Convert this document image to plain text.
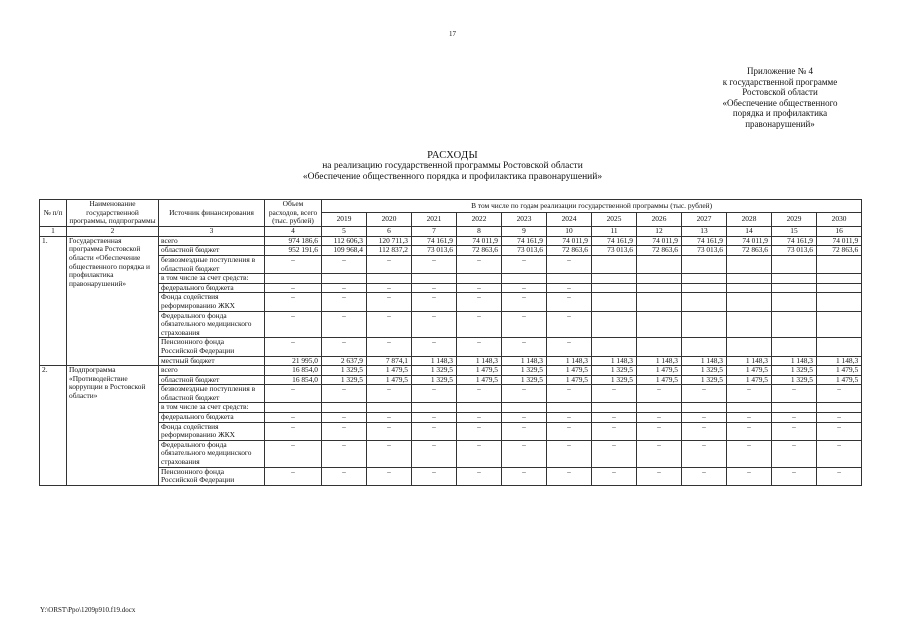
17
Приложение № 4
к государственной программе
Ростовской области
«Обеспечение общественного
порядка и профилактика
правонарушений»
РАСХОДЫ
на реализацию государственной программы Ростовской области
«Обеспечение общественного порядка и профилактика правонарушений»
№ п/п	Наименование государственной программы, подпрограммы	Источник финансирования	Объем расходов, всего (тыс. рублей)	В том числе по годам реализации государственной программы (тыс. рублей)											
				2019	2020	2021	2022	2023	2024	2025	2026	2027	2028	2029	2030
1	2	3	4	5	6	7	8	9	10	11	12	13	14	15	16
1.	Государственная программа Ростовской области «Обеспечение общественного порядка и профилактика правонарушений»	всего	974 186,6	112 606,3	120 711,3	74 161,9	74 011,9	74 161,9	74 011,9	74 161,9	74 011,9	74 161,9	74 011,9	74 161,9	74 011,9
		областной бюджет	952 191,6	109 968,4	112 837,2	73 013,6	72 863,6	73 013,6	72 863,6	73 013,6	72 863,6	73 013,6	72 863,6	73 013,6	72 863,6
		безвозмездные поступления в областной бюджет	–	–	–	–	–	–	–						
		в том числе за счет средств:													
		федерального бюджета	–	–	–	–	–	–	–						
		Фонда содействия реформированию ЖКХ	–	–	–	–	–	–	–						
		Федерального фонда обязательного медицинского страхования	–	–	–	–	–	–	–						
		Пенсионного фонда Российской Федерации	–	–	–	–	–	–	–						
		местный бюджет	21 995,0	2 637,9	7 874,1	1 148,3	1 148,3	1 148,3	1 148,3	1 148,3	1 148,3	1 148,3	1 148,3	1 148,3	1 148,3
2.	Подпрограмма «Противодействие коррупции в Ростовской области»	всего	16 854,0	1 329,5	1 479,5	1 329,5	1 479,5	1 329,5	1 479,5	1 329,5	1 479,5	1 329,5	1 479,5	1 329,5	1 479,5
		областной бюджет	16 854,0	1 329,5	1 479,5	1 329,5	1 479,5	1 329,5	1 479,5	1 329,5	1 479,5	1 329,5	1 479,5	1 329,5	1 479,5
		безвозмездные поступления в областной бюджет	–	–	–	–	–	–	–	–	–	–	–	–	–
		в том числе за счет средств:													
		федерального бюджета	–	–	–	–	–	–	–	–	–	–	–	–	–
		Фонда содействия реформированию ЖКХ	–	–	–	–	–	–	–	–	–	–	–	–	–
		Федерального фонда обязательного медицинского страхования	–	–	–	–	–	–	–	–	–	–	–	–	–
		Пенсионного фонда Российской Федерации	–	–	–	–	–	–	–	–	–	–	–	–	–
Y:\ORST\Ppo\1209p910.f19.docx
